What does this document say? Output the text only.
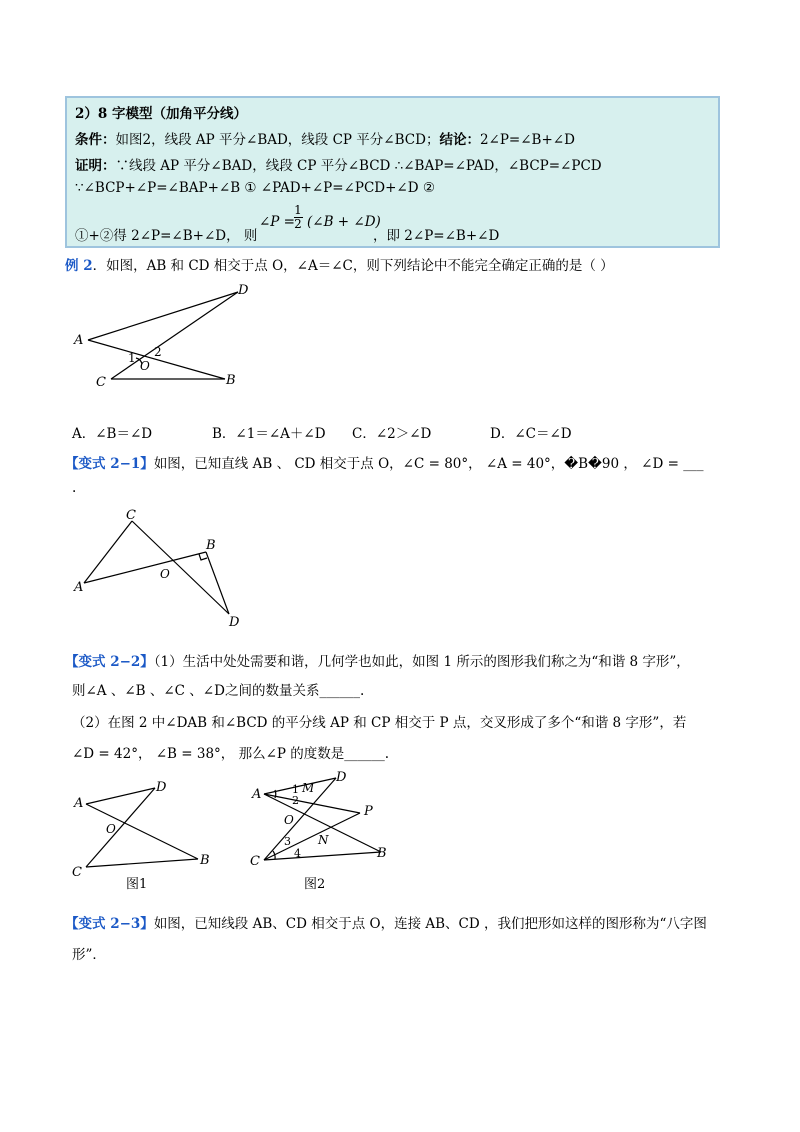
2）8 字模型（加角平分线）
条件：如图2，线段 AP 平分∠BAD，线段 CP 平分∠BCD；结论：2∠P=∠B+∠D
证明：∵线段 AP 平分∠BAD，线段 CP 平分∠BCD ∴∠BAP=∠PAD，∠BCP=∠PCD
∵∠BCP+∠P=∠BAP+∠B ① ∠PAD+∠P=∠PCD+∠D ②
①+②得 2∠P=∠B+∠D， 则
∠P =
1
2 (∠B + ∠D)
，即 2∠P=∠B+∠D
例 2．如图，AB 和 CD 相交于点 O，∠A＝∠C，则下列结论中不能完全确定正确的是（ ）
A
D
C	B
O
1 2
A．∠B＝∠D	B．∠1＝∠A＋∠D C．∠2＞∠D	D．∠C＝∠D
【变式 2−1】如图，已知直线 AB 、 CD 相交于点 O，∠C = 80°， ∠A = 40°，�B�90 ， ∠D = ___
.
A
C
B
D
O
【变式 2−2】（1）生活中处处需要和谐，几何学也如此，如图 1 所示的图形我们称之为“和谐 8 字形”，
则∠A 、∠B 、∠C 、∠D之间的数量关系______.
（2）在图 2 中∠DAB 和∠BCD 的平分线 AP 和 CP 相交于 P 点，交叉形成了多个“和谐 8 字形”，若
∠D = 42°， ∠B = 38°， 那么∠P 的度数是______.
A
D
O
C
B
图1
A
D
M
1
2
O
P
3 N
4
C
B
图2
【变式 2−3】如图，已知线段 AB、CD 相交于点 O，连接 AB、CD ，我们把形如这样的图形称为“八字图
形”．
